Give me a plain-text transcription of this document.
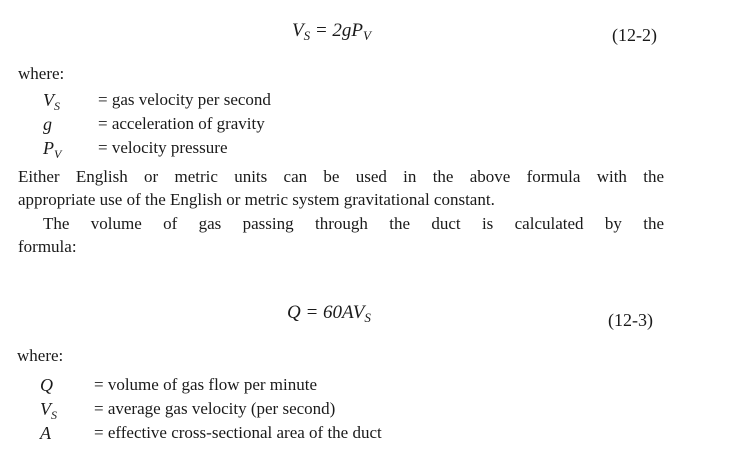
$V_S = 2gP_V$	(12-2)
where:
$V_S$ = gas velocity per second
g	= acceleration of gravity
$P_V$ = velocity pressure
Either English or metric units can be used in the above formula with the
appropriate use of the English or metric system gravitational constant.
The volume of gas passing through the duct is calculated by the
formula:
$Q = 60AV_S$	(12-3)
where:
Q = volume of gas flow per minute
$V_S$ = average gas velocity (per second)
A	= effective cross-sectional area of the duct
